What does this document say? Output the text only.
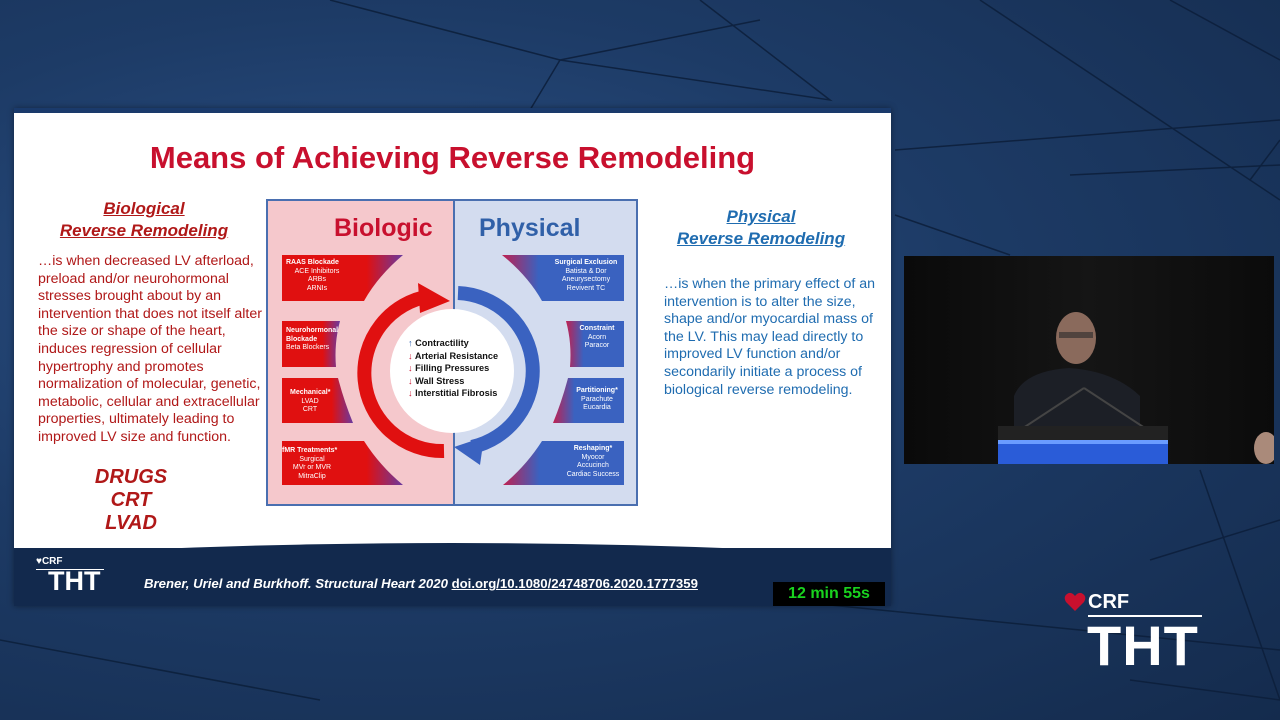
Means of Achieving Reverse Remodeling
Biological
Reverse Remodeling
…is when decreased LV afterload, preload and/or neurohormonal stresses brought about by an intervention that does not itself alter the size or shape of the heart, induces regression of cellular hypertrophy and promotes normalization of molecular, genetic, metabolic, cellular and extracellular properties, ultimately leading to improved LV size and function.
DRUGS
CRT
LVAD
Physical
Reverse Remodeling
…is when the primary effect of an intervention is to alter the size, shape and/or myocardial mass of the LV. This may lead directly to improved LV function and/or secondarily initiate a process of biological reverse remodeling.
Biologic Physical
RAAS Blockade
ACE Inhibitors
ARBs
ARNIs
Neurohormonal Blockade
Beta Blockers
Mechanical*
LVAD
CRT
fMR Treatments*
Surgical
MVr or MVR
MitraClip
Surgical Exclusion
Batista & Dor
Aneurysectomy
Revivent TC
Constraint
Acorn
Paracor
Partitioning*
Parachute
Eucardia
Reshaping*
Myocor
Accucinch
Cardiac Success
↑ Contractility
↓ Arterial Resistance
↓ Filling Pressures
↓ Wall Stress
↓ Interstitial Fibrosis
♥CRF
THT	Brener, Uriel and Burkhoff. Structural Heart 2020 doi.org/10.1080/24748706.2020.1777359
12 min 55s	CRF
THT
